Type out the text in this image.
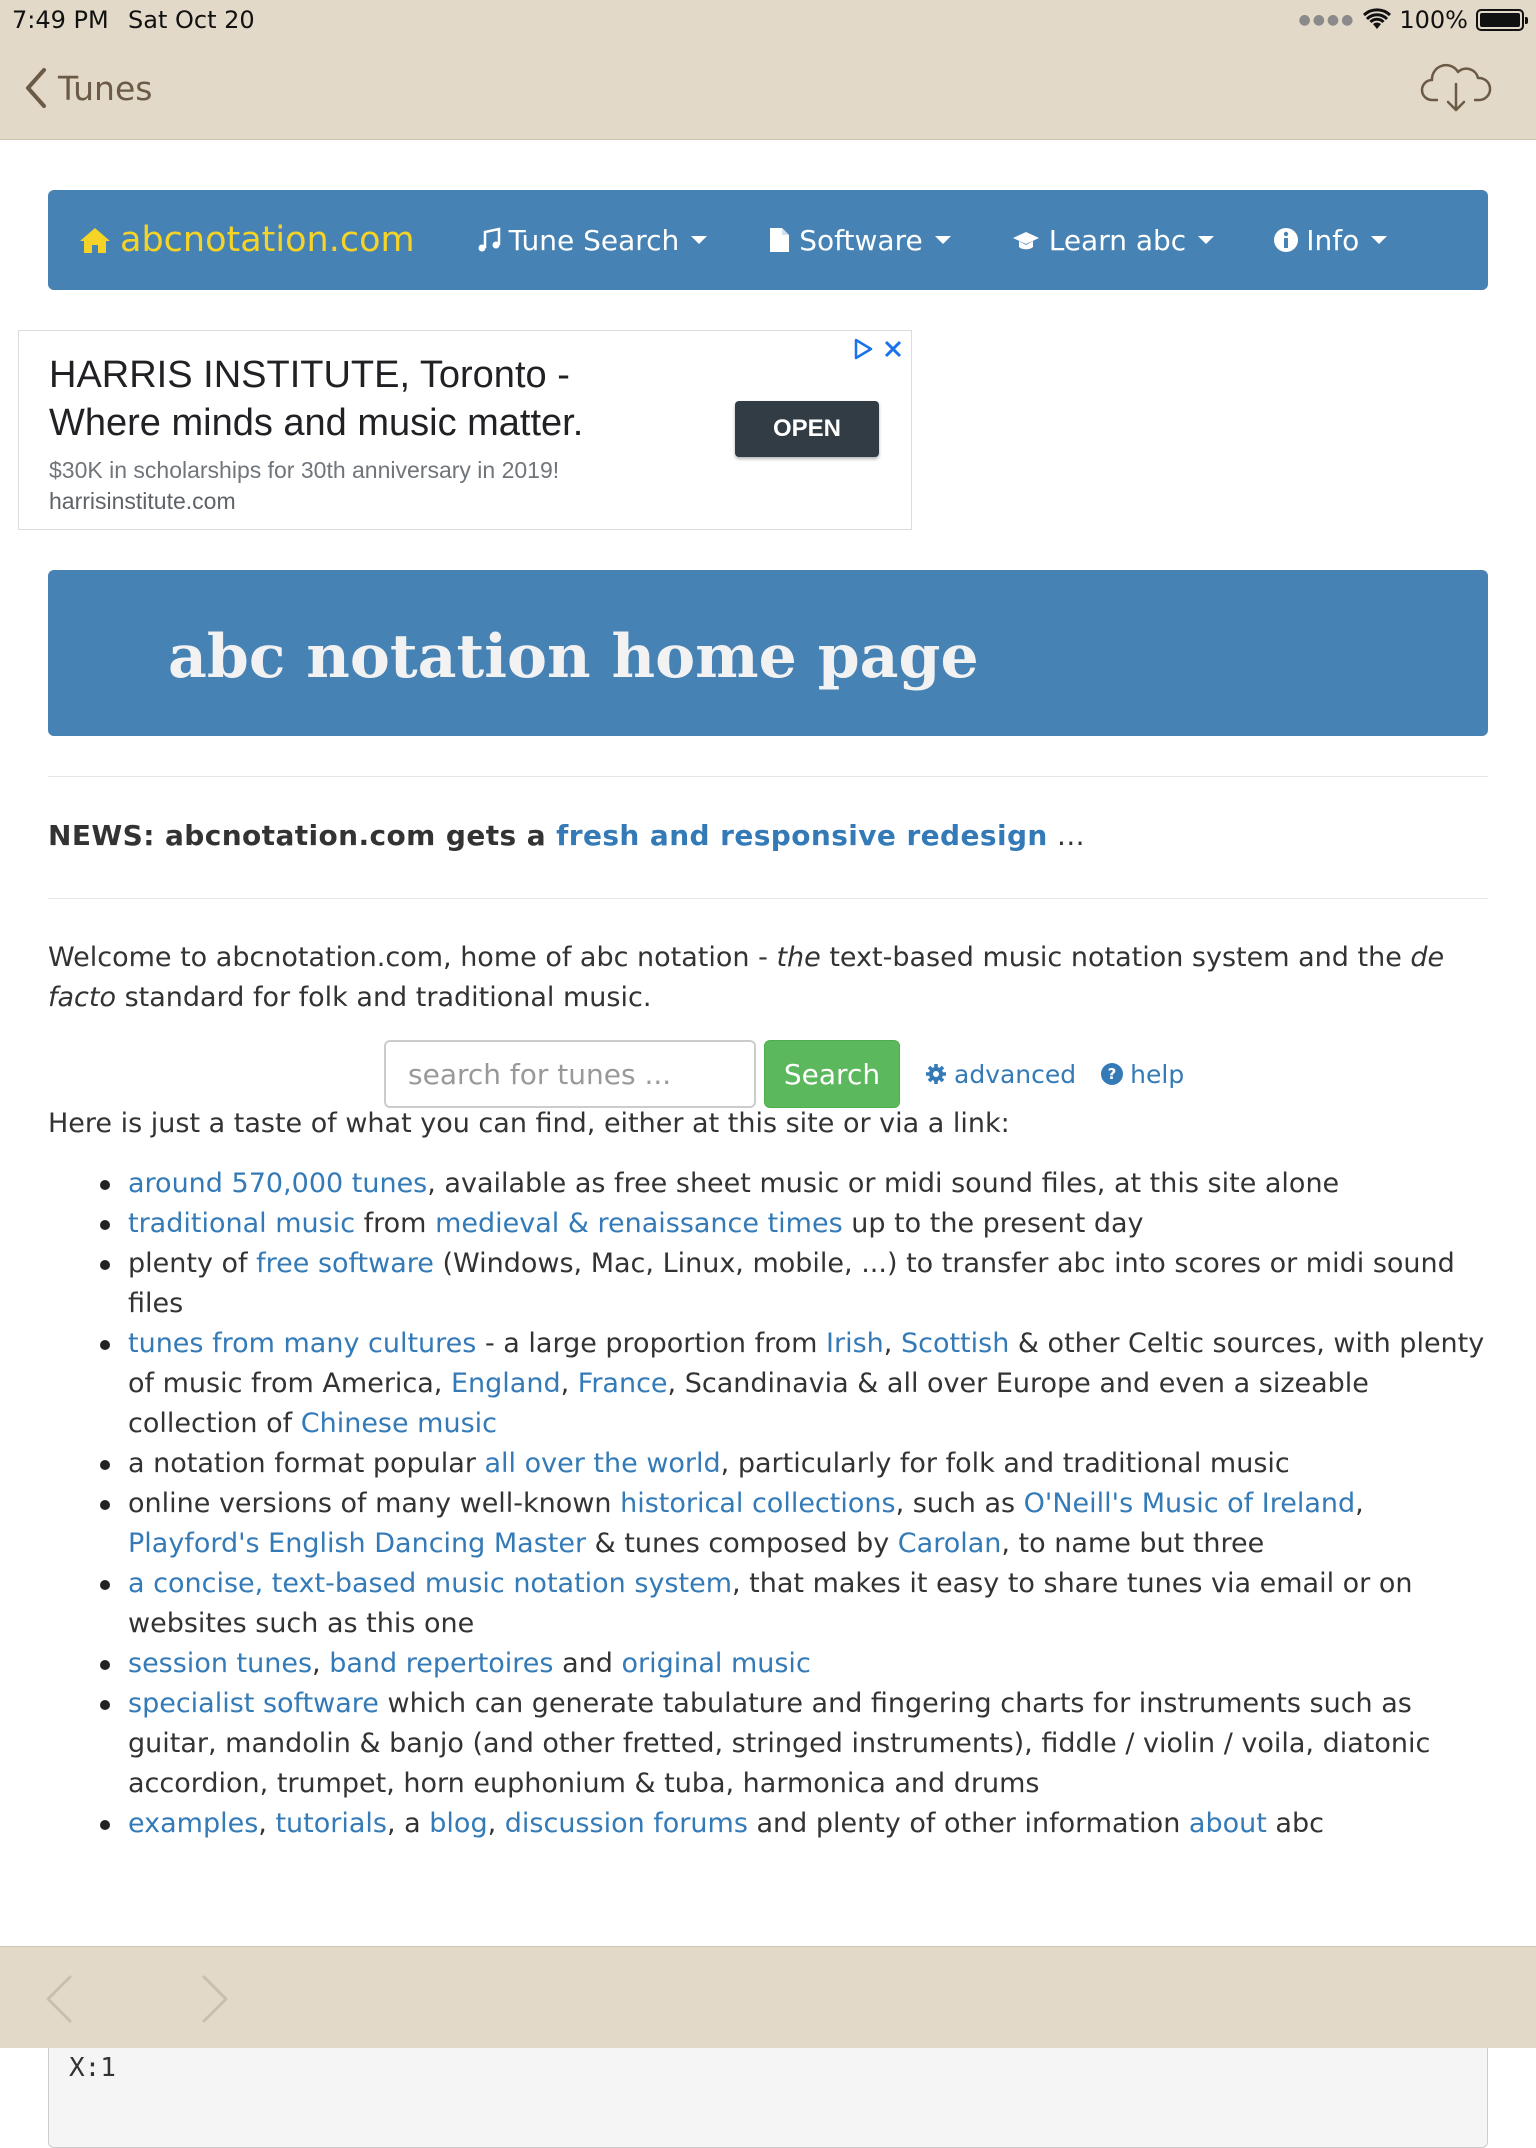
7:49 PM Sat Oct 20	●●●● 100%
Tunes
abcnotation.com	Tune Search	Software	Learn abc	Info
HARRIS INSTITUTE, Toronto -
Where minds and music matter.
$30K in scholarships for 30th anniversary in 2019!
harrisinstitute.com
OPEN
abc notation home page
NEWS: abcnotation.com gets a fresh and responsive redesign ...
Welcome to abcnotation.com, home of abc notation - the text-based music notation system and the de facto standard for folk and traditional music.
search for tunes ...
Search	advanced ? help
Here is just a taste of what you can find, either at this site or via a link:
around 570,000 tunes, available as free sheet music or midi sound files, at this site alone
traditional music from medieval & renaissance times up to the present day
plenty of free software (Windows, Mac, Linux, mobile, ...) to transfer abc into scores or midi sound files
tunes from many cultures - a large proportion from Irish, Scottish & other Celtic sources, with plenty of music from America, England, France, Scandinavia & all over Europe and even a sizeable collection of Chinese music
a notation format popular all over the world, particularly for folk and traditional music
online versions of many well-known historical collections, such as O'Neill's Music of Ireland, Playford's English Dancing Master & tunes composed by Carolan, to name but three
a concise, text-based music notation system, that makes it easy to share tunes via email or on websites such as this one
session tunes, band repertoires and original music
specialist software which can generate tabulature and fingering charts for instruments such as guitar, mandolin & banjo (and other fretted, stringed instruments), fiddle / violin / voila, diatonic accordion, trumpet, horn euphonium & tuba, harmonica and drums
examples, tutorials, a blog, discussion forums and plenty of other information about abc
X:1
